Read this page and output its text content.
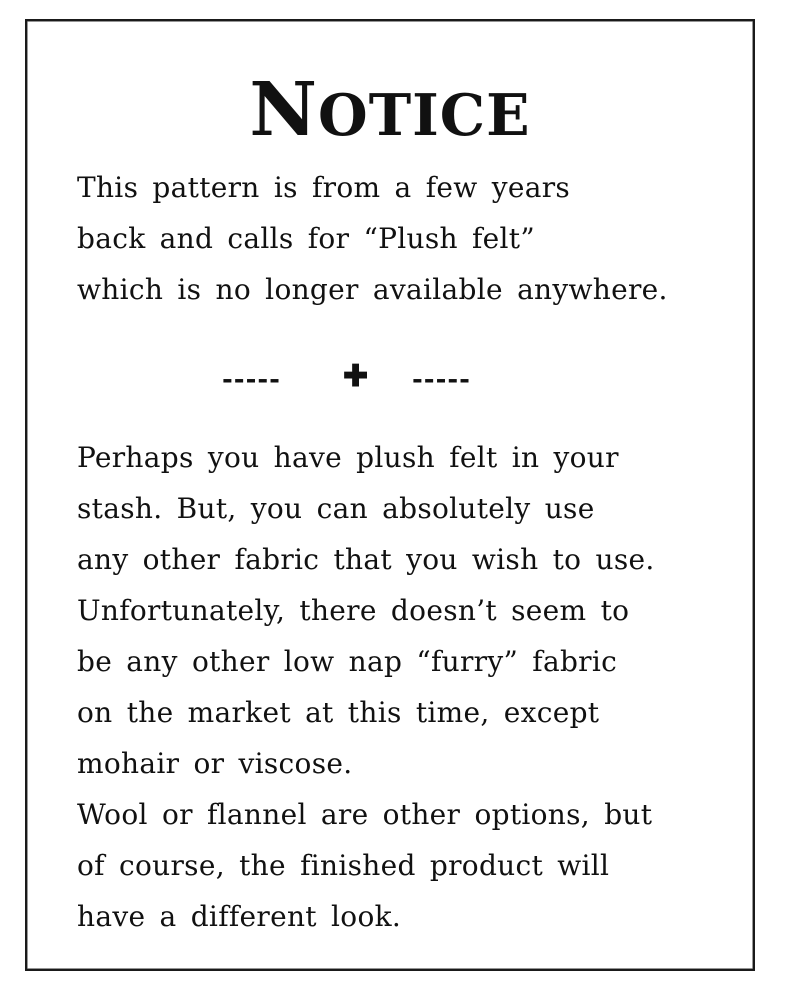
NOTICE
This pattern is from a few years
back and calls for “Plush felt”
which is no longer available anywhere.
----- ✚ -----
Perhaps you have plush felt in your
stash. But, you can absolutely use
any other fabric that you wish to use.
Unfortunately, there doesn’t seem to
be any other low nap “furry” fabric
on the market at this time, except
mohair or viscose.
Wool or flannel are other options, but
of course, the finished product will
have a different look.
